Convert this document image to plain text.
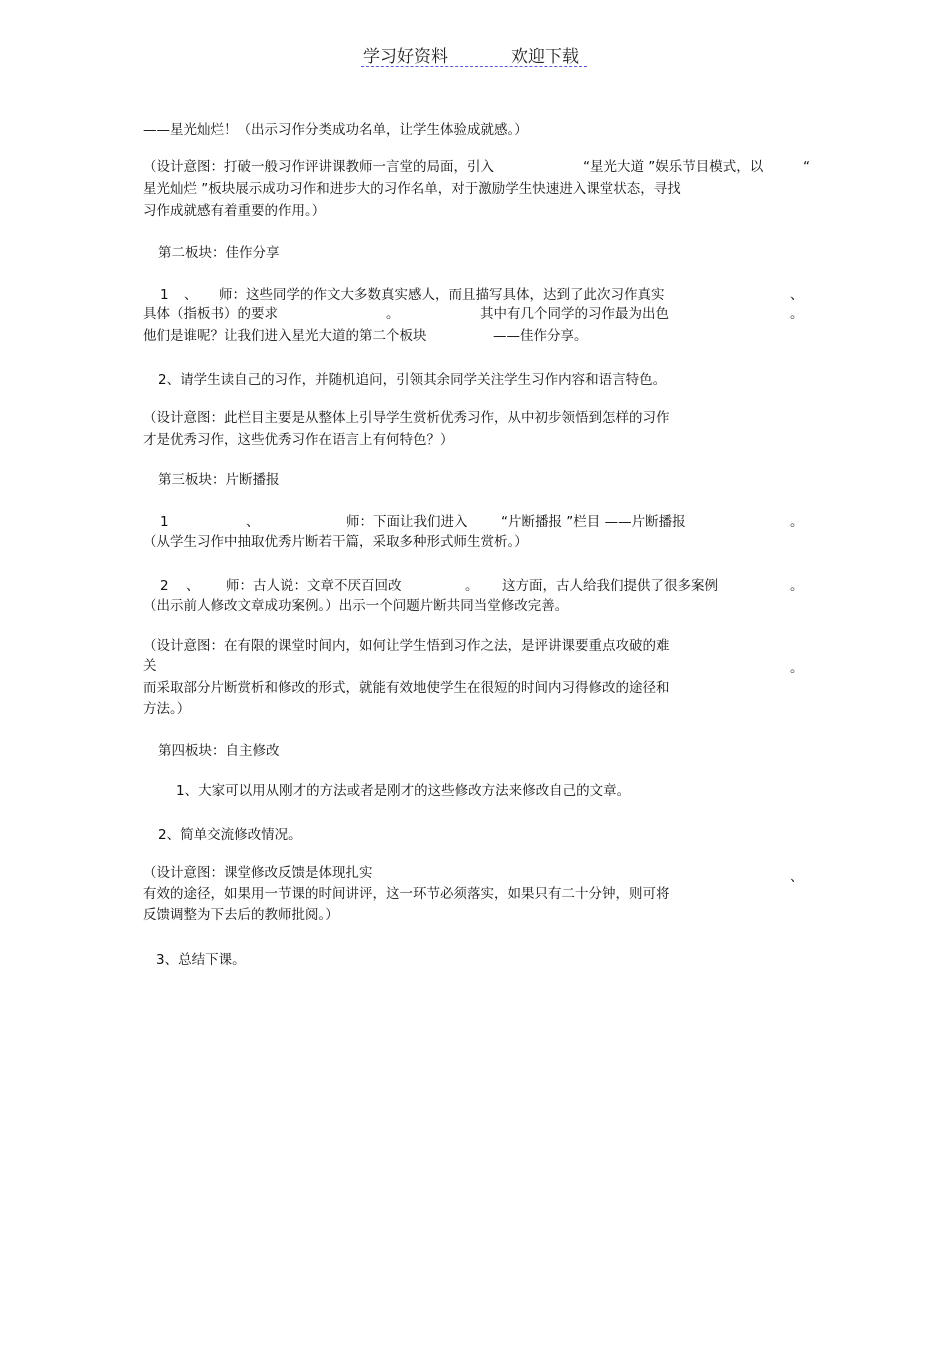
学习好资料	欢迎下载
——星光灿烂！（出示习作分类成功名单，让学生体验成就感。）
（设计意图：打破一般习作评讲课教师一言堂的局面，引入	“星光大道 ”娱乐节目模式，以	“
星光灿烂 ”板块展示成功习作和进步大的习作名单，对于激励学生快速进入课堂状态，寻找
习作成就感有着重要的作用。）
第二板块：佳作分享
1 、 师：这些同学的作文大多数真实感人，而且描写具体，达到了此次习作真实	、
具体（指板书）的要求	。	其中有几个同学的习作最为出色	。
他们是谁呢？让我们进入星光大道的第二个板块	——佳作分享。
2、请学生读自己的习作，并随机追问，引领其余同学关注学生习作内容和语言特色。
（设计意图：此栏目主要是从整体上引导学生赏析优秀习作，从中初步领悟到怎样的习作
才是优秀习作，这些优秀习作在语言上有何特色？）
第三板块：片断播报
1	、	师：下面让我们进入 “片断播报 ”栏目 ——片断播报	。
（从学生习作中抽取优秀片断若干篇，采取多种形式师生赏析。）
2 、 师：古人说：文章不厌百回改	。 这方面，古人给我们提供了很多案例	。
（出示前人修改文章成功案例。）出示一个问题片断共同当堂修改完善。
（设计意图：在有限的课堂时间内，如何让学生悟到习作之法，是评讲课要重点攻破的难
关	。
而采取部分片断赏析和修改的形式，就能有效地使学生在很短的时间内习得修改的途径和
方法。）
第四板块：自主修改
1、大家可以用从刚才的方法或者是刚才的这些修改方法来修改自己的文章。
2、简单交流修改情况。
（设计意图：课堂修改反馈是体现扎实	、
有效的途径，如果用一节课的时间讲评，这一环节必须落实，如果只有二十分钟，则可将
反馈调整为下去后的教师批阅。）
3、总结下课。
